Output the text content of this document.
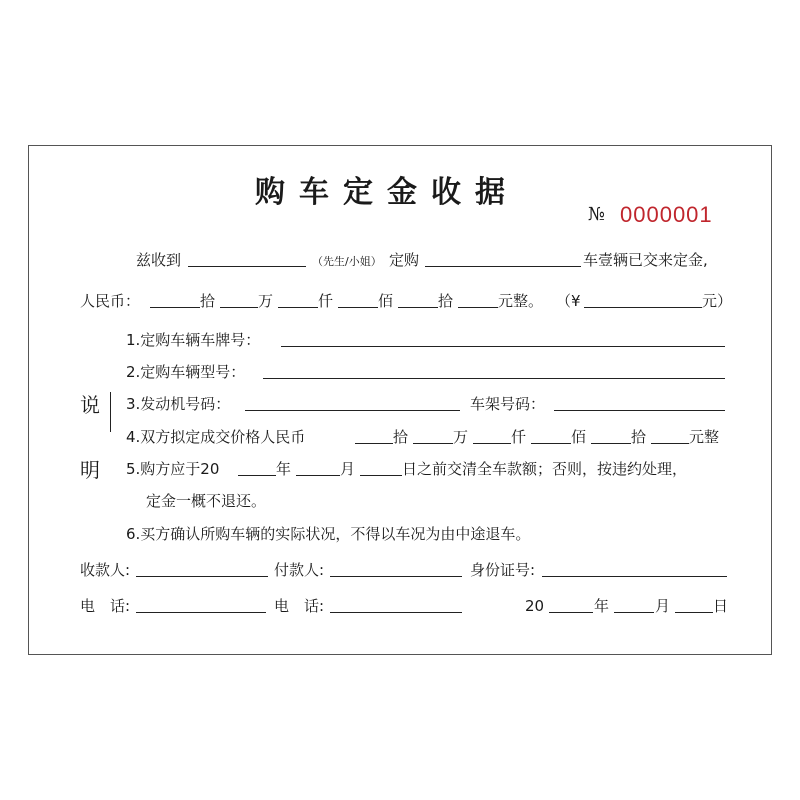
购车定金收据
№ 0000001
兹收到	（先生/小姐） 定购	车壹辆已交来定金,
人民币：	拾	万	仟	佰	拾	元整。 （¥	元）
说
明
1.定购车辆车牌号：
2.定购车辆型号：
3.发动机号码：	车架号码：
4.双方拟定成交价格人民币	拾	万	仟	佰	拾	元整
5.购方应于20	年	月	日之前交清全车款额；否则，按违约处理，
定金一概不退还。
6.买方确认所购车辆的实际状况，不得以车况为由中途退车。
收款人:	付款人:	身份证号:
电　话:	电　话:	20	年	月	日
